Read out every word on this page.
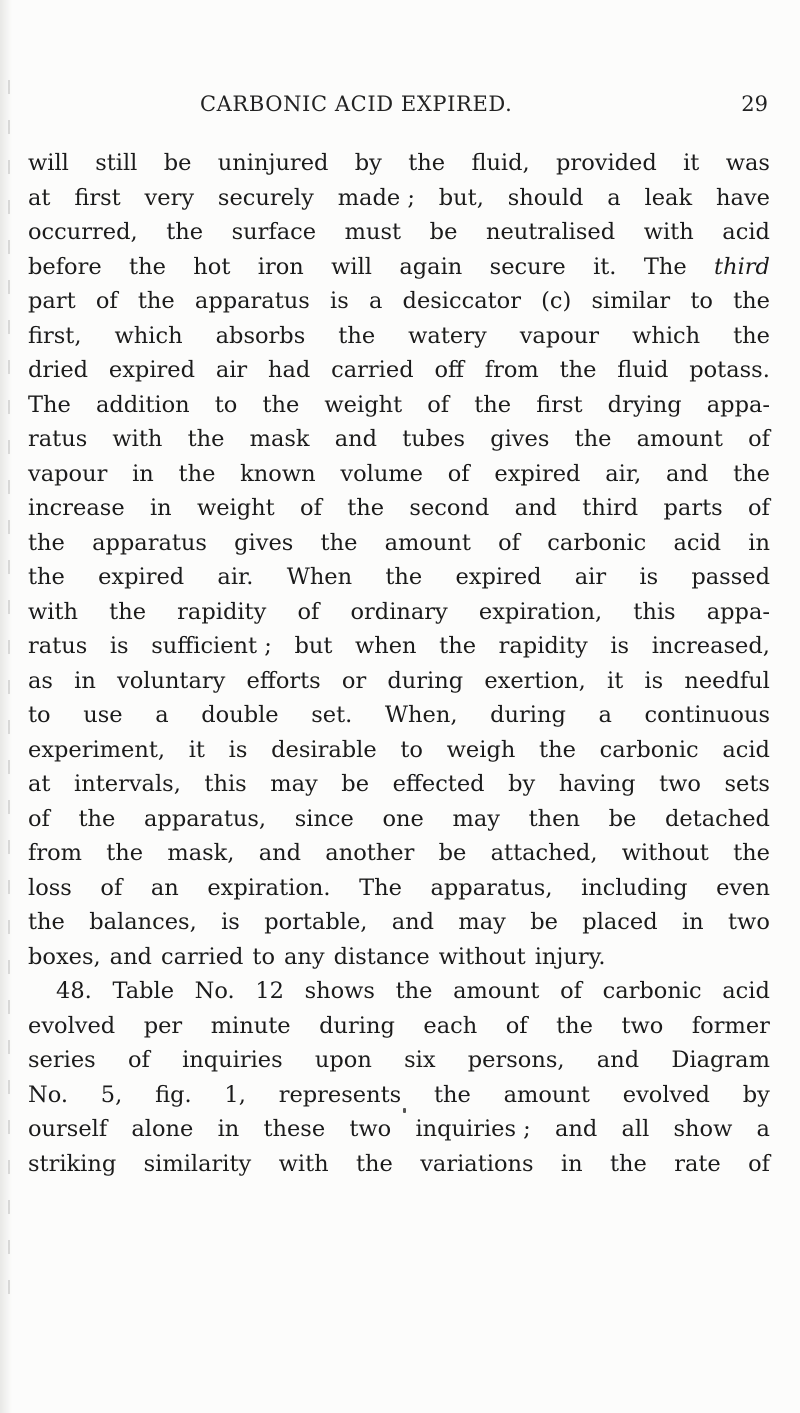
CARBONIC ACID EXPIRED.	29
will still be uninjured by the fluid, provided it was
at first very securely made ; but, should a leak have
occurred, the surface must be neutralised with acid
before the hot iron will again secure it. The third
part of the apparatus is a desiccator (c) similar to the
first, which absorbs the watery vapour which the
dried expired air had carried off from the fluid potass.
The addition to the weight of the first drying appa-
ratus with the mask and tubes gives the amount of
vapour in the known volume of expired air, and the
increase in weight of the second and third parts of
the apparatus gives the amount of carbonic acid in
the expired air. When the expired air is passed
with the rapidity of ordinary expiration, this appa-
ratus is sufficient ; but when the rapidity is increased,
as in voluntary efforts or during exertion, it is needful
to use a double set. When, during a continuous
experiment, it is desirable to weigh the carbonic acid
at intervals, this may be effected by having two sets
of the apparatus, since one may then be detached
from the mask, and another be attached, without the
loss of an expiration. The apparatus, including even
the balances, is portable, and may be placed in two
boxes, and carried to any distance without injury.
48. Table No. 12 shows the amount of carbonic acid
evolved per minute during each of the two former
series of inquiries upon six persons, and Diagram
No. 5, fig. 1, represents the amount evolved by
ourself alone in these two inquiries ; and all show a
striking similarity with the variations in the rate of
